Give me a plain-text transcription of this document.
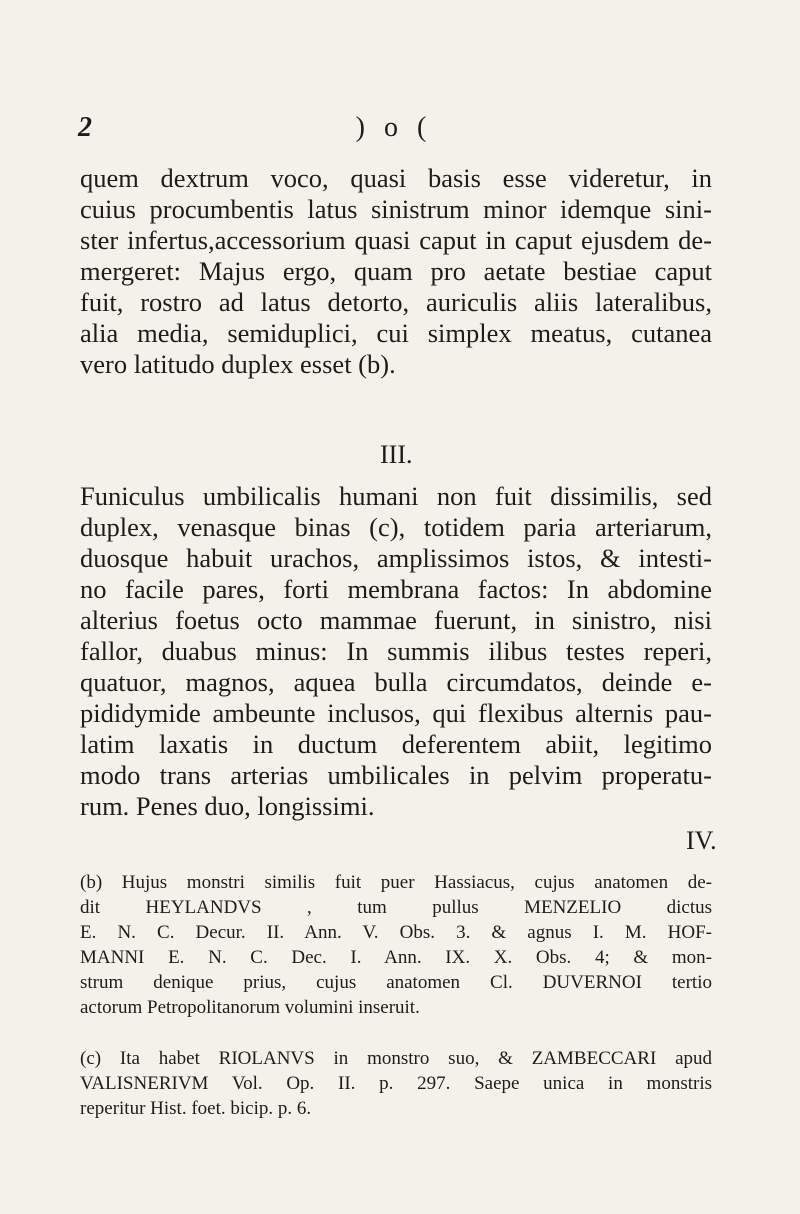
2	) o (
quem dextrum voco, quasi basis esse videretur, in
cuius procumbentis latus sinistrum minor idemque sini-
ster infertus,accessorium quasi caput in caput ejusdem de-
mergeret: Majus ergo, quam pro aetate bestiae caput
fuit, rostro ad latus detorto, auriculis aliis lateralibus,
alia media, semiduplici, cui simplex meatus, cutanea
vero latitudo duplex esset (b).
III.
Funiculus umbilicalis humani non fuit dissimilis, sed
duplex, venasque binas (c), totidem paria arteriarum,
duosque habuit urachos, amplissimos istos, & intesti-
no facile pares, forti membrana factos: In abdomine
alterius foetus octo mammae fuerunt, in sinistro, nisi
fallor, duabus minus: In summis ilibus testes reperi,
quatuor, magnos, aquea bulla circumdatos, deinde e-
pididymide ambeunte inclusos, qui flexibus alternis pau-
latim laxatis in ductum deferentem abiit, legitimo
modo trans arterias umbilicales in pelvim properatu-
rum. Penes duo, longissimi.
IV.
(b) Hujus monstri similis fuit puer Hassiacus, cujus anatomen de-
dit HEYLANDVS , tum pullus MENZELIO dictus
E. N. C. Decur. II. Ann. V. Obs. 3. & agnus I. M. HOF-
MANNI E. N. C. Dec. I. Ann. IX. X. Obs. 4; & mon-
strum denique prius, cujus anatomen Cl. DUVERNOI tertio
actorum Petropolitanorum volumini inseruit.
(c) Ita habet RIOLANVS in monstro suo, & ZAMBECCARI apud
VALISNERIVM Vol. Op. II. p. 297. Saepe unica in monstris
reperitur Hist. foet. bicip. p. 6.
